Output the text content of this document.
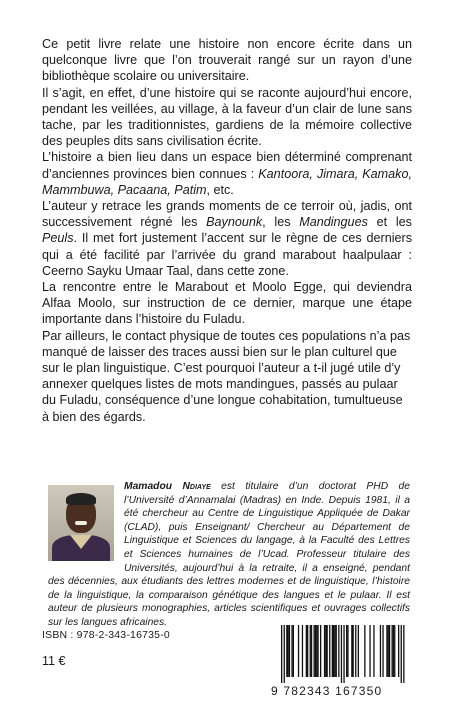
Ce petit livre relate une histoire non encore écrite dans un quelconque livre que l’on trouverait rangé sur un rayon d’une bibliothèque scolaire ou universitaire.

Il s’agit, en effet, d’une histoire qui se raconte aujourd’hui encore, pendant les veillées, au village, à la faveur d’un clair de lune sans tache, par les traditionnistes, gardiens de la mémoire collective des peuples dits sans civilisation écrite.

L’histoire a bien lieu dans un espace bien déterminé comprenant d’anciennes provinces bien connues : Kantoora, Jimara, Kamako, Mammbuwa, Pacaana, Patim, etc.

L’auteur y retrace les grands moments de ce terroir où, jadis, ont successivement régné les Baynounk, les Mandingues et les Peuls. Il met fort justement l’accent sur le règne de ces derniers qui a été facilité par l’arrivée du grand marabout haalpulaar : Ceerno Sayku Umaar Taal, dans cette zone.

La rencontre entre le Marabout et Moolo Egge, qui deviendra Alfaa Moolo, sur instruction de ce dernier, marque une étape importante dans l’histoire du Fuladu.

Par ailleurs, le contact physique de toutes ces populations n’a pas manqué de laisser des traces aussi bien sur le plan culturel que sur le plan linguistique. C’est pourquoi l’auteur a t-il jugé utile d’y annexer quelques listes de mots mandingues, passés au pulaar du Fuladu, conséquence d’une longue cohabitation, tumultueuse à bien des égards.

Mamadou Ndiaye est titulaire d’un doctorat PHD de l’Université d’Annamalai (Madras) en Inde. Depuis 1981, il a été chercheur au Centre de Linguistique Appliquée de Dakar (CLAD), puis Enseignant/ Chercheur au Département de Linguistique et Sciences du langage, à la Faculté des Lettres et Sciences humaines de l’Ucad. Professeur titulaire des Universités, aujourd’hui à la retraite, il a enseigné, pendant des décennies, aux étudiants des lettres modernes et de linguistique, l’histoire de la linguistique, la comparaison génétique des langues et le pulaar. Il est auteur de plusieurs monographies, articles scientifiques et ouvrages collectifs sur les langues africaines.

ISBN : 978-2-343-16735-0
11 €
9 782343 167350
